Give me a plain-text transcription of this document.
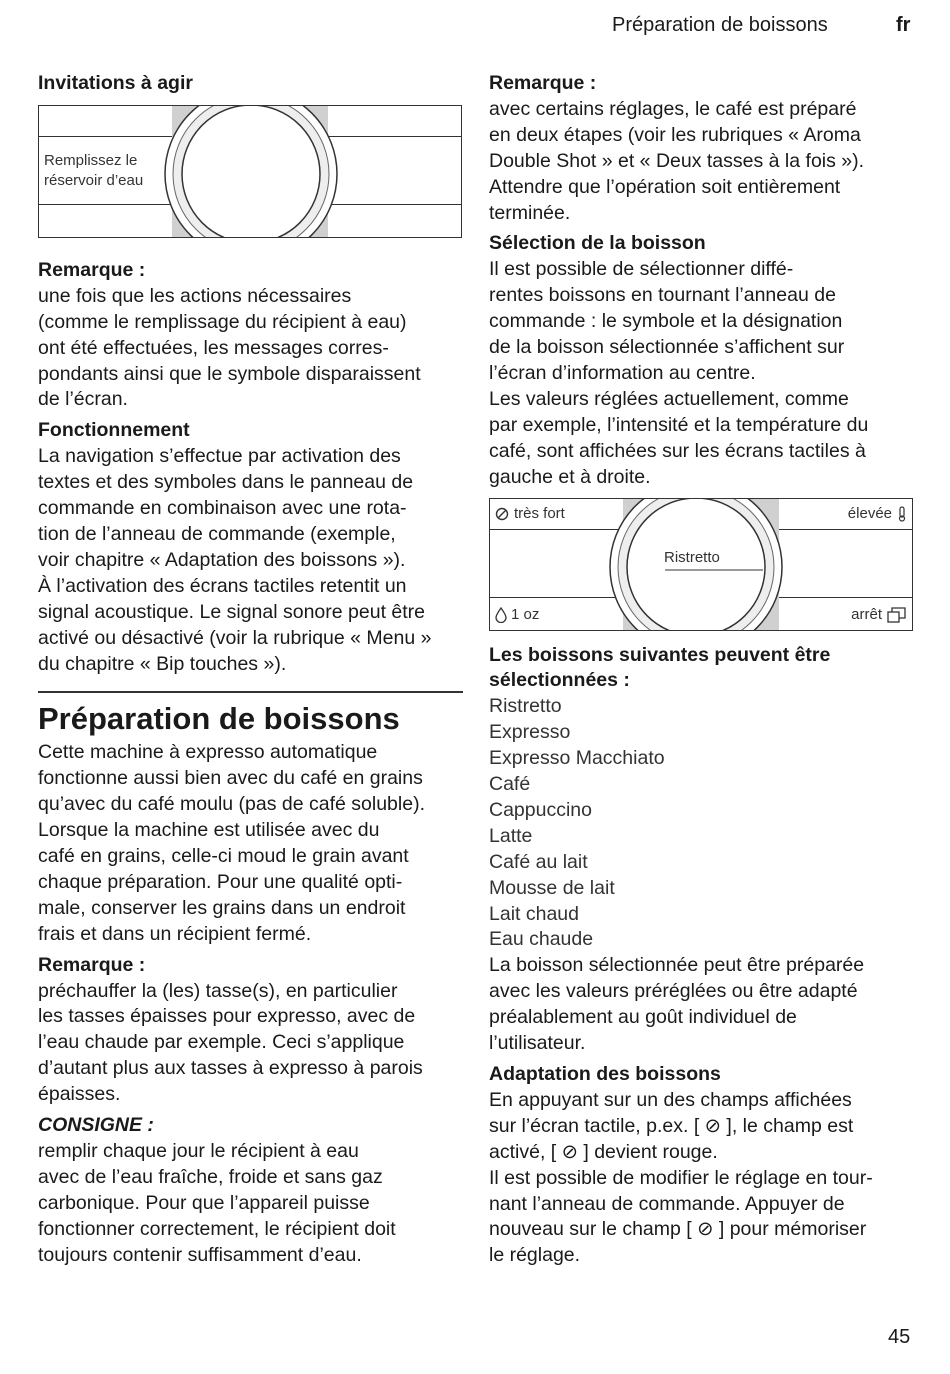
Préparation de boissons	fr
Invitations à agir
Remplissez le
réservoir d’eau
Remarque :

une fois que les actions nécessaires

(comme le remplissage du récipient à eau)

ont été effectuées, les messages corres-

pondants ainsi que le symbole disparaissent

de l’écran.

Fonctionnement

La navigation s’effectue par activation des

textes et des symboles dans le panneau de

commande en combinaison avec une rota-

tion de l’anneau de commande (exemple,

voir chapitre « Adaptation des boissons »).

À l’activation des écrans tactiles retentit un

signal acoustique. Le signal sonore peut être

activé ou désactivé (voir la rubrique « Menu »

du chapitre « Bip touches »).

Préparation de boissons

Cette machine à expresso automatique

fonctionne aussi bien avec du café en grains

qu’avec du café moulu (pas de café soluble).

Lorsque la machine est utilisée avec du

café en grains, celle-ci moud le grain avant

chaque préparation. Pour une qualité opti-

male, conserver les grains dans un endroit

frais et dans un récipient fermé.

Remarque :

préchauffer la (les) tasse(s), en particulier

les tasses épaisses pour expresso, avec de

l’eau chaude par exemple. Ceci s’applique

d’autant plus aux tasses à expresso à parois

épaisses.

CONSIGNE :

remplir chaque jour le récipient à eau

avec de l’eau fraîche, froide et sans gaz

carbonique. Pour que l’appareil puisse

fonctionner correctement, le récipient doit

toujours contenir suffisamment d’eau.

Remarque :

avec certains réglages, le café est préparé

en deux étapes (voir les rubriques « Aroma

Double Shot » et « Deux tasses à la fois »).

Attendre que l’opération soit entièrement

terminée.

Sélection de la boisson

Il est possible de sélectionner diffé-

rentes boissons en tournant l’anneau de

commande : le symbole et la désignation

de la boisson sélectionnée s’affichent sur

l’écran d’information au centre.

Les valeurs réglées actuellement, comme

par exemple, l’intensité et la température du

café, sont affichées sur les écrans tactiles à

gauche et à droite.

très fort	élevée
Ristretto
1 oz	arrêt
Les boissons suivantes peuvent être
sélectionnées :

Ristretto

Expresso

Expresso Macchiato

Café

Cappuccino

Latte

Café au lait

Mousse de lait

Lait chaud

Eau chaude

La boisson sélectionnée peut être préparée

avec les valeurs préréglées ou être adapté

préalablement au goût individuel de

l’utilisateur.

Adaptation des boissons

En appuyant sur un des champs affichées

sur l’écran tactile, p.ex. [ ⊘ ], le champ est

activé, [ ⊘ ] devient rouge.

Il est possible de modifier le réglage en tour-

nant l’anneau de commande. Appuyer de

nouveau sur le champ [ ⊘ ] pour mémoriser

le réglage.

45
